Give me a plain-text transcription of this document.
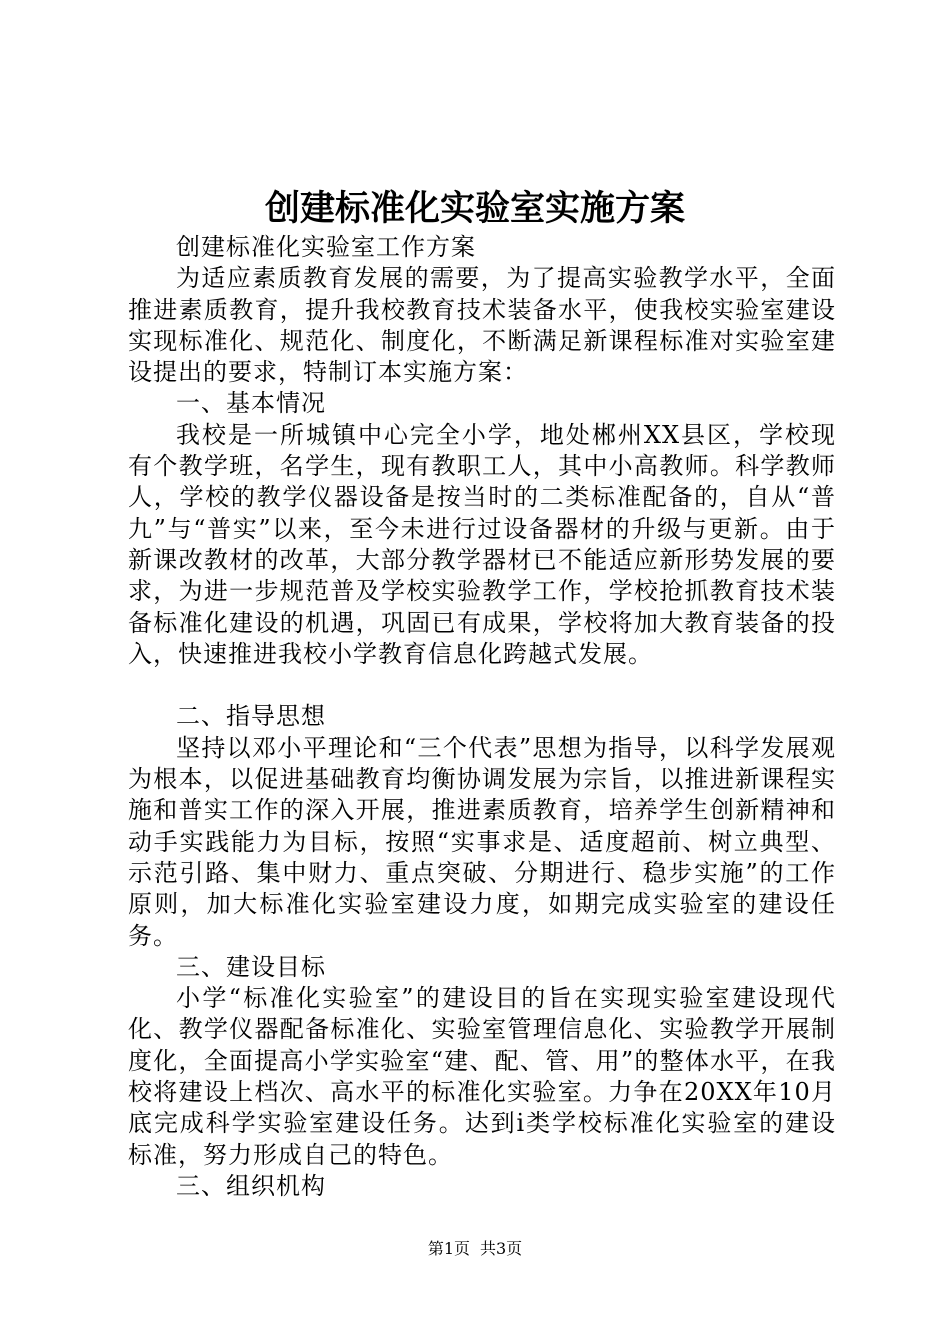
创建标准化实验室实施方案

创建标准化实验室工作方案

为适应素质教育发展的需要，为了提高实验教学水平，全面推进素质教育，提升我校教育技术装备水平，使我校实验室建设实现标准化、规范化、制度化，不断满足新课程标准对实验室建设提出的要求，特制订本实施方案：

一、基本情况

我校是一所城镇中心完全小学，地处郴州XX县区，学校现有个教学班，名学生，现有教职工人，其中小高教师。科学教师人，学校的教学仪器设备是按当时的二类标准配备的，自从“普九”与“普实”以来，至今未进行过设备器材的升级与更新。由于新课改教材的改革，大部分教学器材已不能适应新形势发展的要求，为进一步规范普及学校实验教学工作，学校抢抓教育技术装备标准化建设的机遇，巩固已有成果，学校将加大教育装备的投入，快速推进我校小学教育信息化跨越式发展。

二、指导思想

坚持以邓小平理论和“三个代表”思想为指导，以科学发展观为根本，以促进基础教育均衡协调发展为宗旨，以推进新课程实施和普实工作的深入开展，推进素质教育，培养学生创新精神和动手实践能力为目标，按照“实事求是、适度超前、树立典型、示范引路、集中财力、重点突破、分期进行、稳步实施”的工作原则，加大标准化实验室建设力度，如期完成实验室的建设任务。

三、建设目标

小学“标准化实验室”的建设目的旨在实现实验室建设现代化、教学仪器配备标准化、实验室管理信息化、实验教学开展制度化，全面提高小学实验室“建、配、管、用”的整体水平，在我校将建设上档次、高水平的标准化实验室。力争在20XX年10月底完成科学实验室建设任务。达到ⅰ类学校标准化实验室的建设标准，努力形成自己的特色。

三、组织机构

第1页 共3页
